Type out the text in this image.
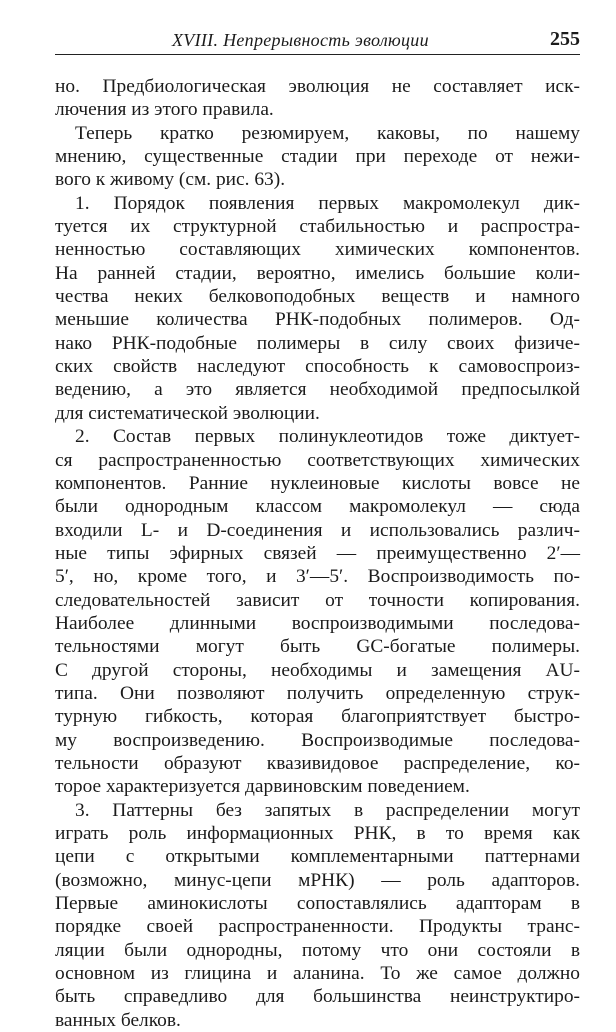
XVIII. Непрерывность эволюции	255
но. Предбиологическая эволюция не составляет иск-
лючения из этого правила.
Теперь кратко резюмируем, каковы, по нашему
мнению, существенные стадии при переходе от нежи-
вого к живому (см. рис. 63).
1. Порядок появления первых макромолекул дик-
туется их структурной стабильностью и распростра-
ненностью составляющих химических компонентов.
На ранней стадии, вероятно, имелись большие коли-
чества неких белковоподобных веществ и намного
меньшие количества РНК-подобных полимеров. Од-
нако РНК-подобные полимеры в силу своих физиче-
ских свойств наследуют способность к самовоспроиз-
ведению, а это является необходимой предпосылкой
для систематической эволюции.
2. Состав первых полинуклеотидов тоже диктует-
ся распространенностью соответствующих химических
компонентов. Ранние нуклеиновые кислоты вовсе не
были однородным классом макромолекул — сюда
входили L- и D-соединения и использовались различ-
ные типы эфирных связей — преимущественно 2′—
5′, но, кроме того, и 3′—5′. Воспроизводимость по-
следовательностей зависит от точности копирования.
Наиболее длинными воспроизводимыми последова-
тельностями могут быть GC-богатые полимеры.
С другой стороны, необходимы и замещения AU-
типа. Они позволяют получить определенную струк-
турную гибкость, которая благоприятствует быстро-
му воспроизведению. Воспроизводимые последова-
тельности образуют квазивидовое распределение, ко-
торое характеризуется дарвиновским поведением.
3. Паттерны без запятых в распределении могут
играть роль информационных РНК, в то время как
цепи с открытыми комплементарными паттернами
(возможно, минус-цепи мРНК) — роль адапторов.
Первые аминокислоты сопоставлялись адапторам в
порядке своей распространенности. Продукты транс-
ляции были однородны, потому что они состояли в
основном из глицина и аланина. То же самое должно
быть справедливо для большинства неинструктиро-
ванных белков.
